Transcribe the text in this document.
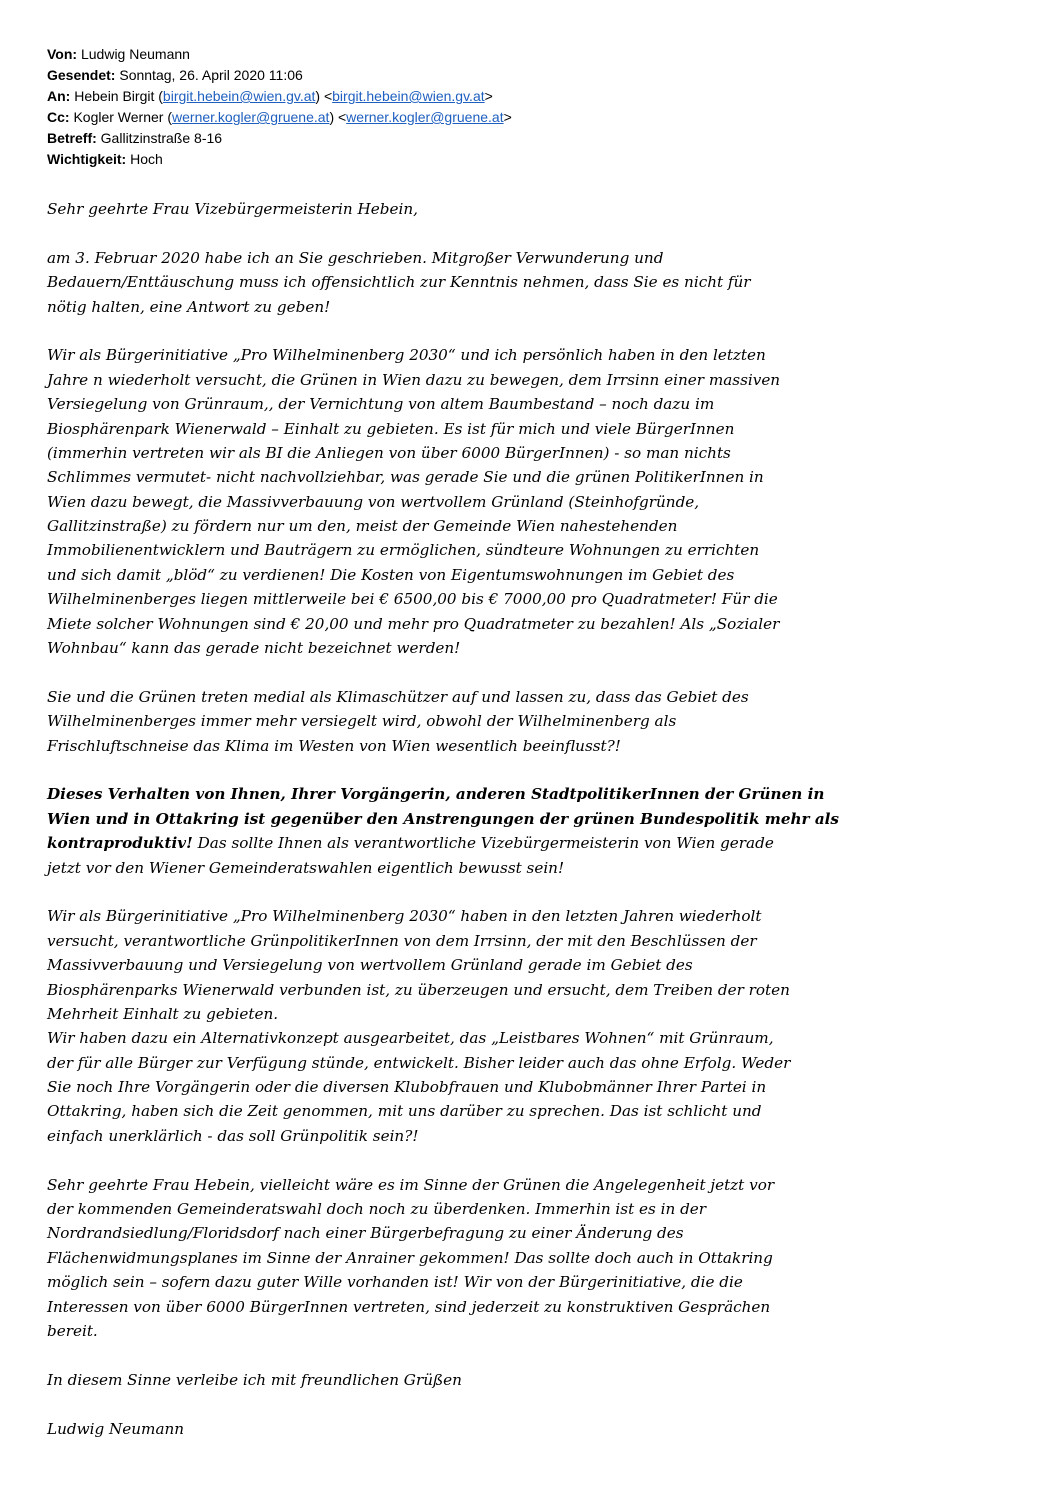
Von: Ludwig Neumann
Gesendet: Sonntag, 26. April 2020 11:06
An: Hebein Birgit (birgit.hebein@wien.gv.at) <birgit.hebein@wien.gv.at>
Cc: Kogler Werner (werner.kogler@gruene.at) <werner.kogler@gruene.at>
Betreff: Gallitzinstraße 8-16
Wichtigkeit: Hoch
Sehr geehrte Frau Vizebürgermeisterin Hebein,
am 3. Februar 2020 habe ich an Sie geschrieben. Mitgroßer Verwunderung und
Bedauern/Enttäuschung muss ich offensichtlich zur Kenntnis nehmen, dass Sie es nicht für
nötig halten, eine Antwort zu geben!
Wir als Bürgerinitiative „Pro Wilhelminenberg 2030“ und ich persönlich haben in den letzten
Jahre n wiederholt versucht, die Grünen in Wien dazu zu bewegen, dem Irrsinn einer massiven
Versiegelung von Grünraum,, der Vernichtung von altem Baumbestand – noch dazu im
Biosphärenpark Wienerwald – Einhalt zu gebieten. Es ist für mich und viele BürgerInnen
(immerhin vertreten wir als BI die Anliegen von über 6000 BürgerInnen) - so man nichts
Schlimmes vermutet- nicht nachvollziehbar, was gerade Sie und die grünen PolitikerInnen in
Wien dazu bewegt, die Massivverbauung von wertvollem Grünland (Steinhofgründe,
Gallitzinstraße) zu fördern nur um den, meist der Gemeinde Wien nahestehenden
Immobilienentwicklern und Bauträgern zu ermöglichen, sündteure Wohnungen zu errichten
und sich damit „blöd“ zu verdienen! Die Kosten von Eigentumswohnungen im Gebiet des
Wilhelminenberges liegen mittlerweile bei € 6500,00 bis € 7000,00 pro Quadratmeter! Für die
Miete solcher Wohnungen sind € 20,00 und mehr pro Quadratmeter zu bezahlen! Als „Sozialer
Wohnbau“ kann das gerade nicht bezeichnet werden!
Sie und die Grünen treten medial als Klimaschützer auf und lassen zu, dass das Gebiet des
Wilhelminenberges immer mehr versiegelt wird, obwohl der Wilhelminenberg als
Frischluftschneise das Klima im Westen von Wien wesentlich beeinflusst?!
Dieses Verhalten von Ihnen, Ihrer Vorgängerin, anderen StadtpolitikerInnen der Grünen in
Wien und in Ottakring ist gegenüber den Anstrengungen der grünen Bundespolitik mehr als
kontraproduktiv! Das sollte Ihnen als verantwortliche Vizebürgermeisterin von Wien gerade
jetzt vor den Wiener Gemeinderatswahlen eigentlich bewusst sein!
Wir als Bürgerinitiative „Pro Wilhelminenberg 2030“ haben in den letzten Jahren wiederholt
versucht, verantwortliche GrünpolitikerInnen von dem Irrsinn, der mit den Beschlüssen der
Massivverbauung und Versiegelung von wertvollem Grünland gerade im Gebiet des
Biosphärenparks Wienerwald verbunden ist, zu überzeugen und ersucht, dem Treiben der roten
Mehrheit Einhalt zu gebieten.
Wir haben dazu ein Alternativkonzept ausgearbeitet, das „Leistbares Wohnen“ mit Grünraum,
der für alle Bürger zur Verfügung stünde, entwickelt. Bisher leider auch das ohne Erfolg. Weder
Sie noch Ihre Vorgängerin oder die diversen Klubobfrauen und Klubobmänner Ihrer Partei in
Ottakring, haben sich die Zeit genommen, mit uns darüber zu sprechen. Das ist schlicht und
einfach unerklärlich - das soll Grünpolitik sein?!
Sehr geehrte Frau Hebein, vielleicht wäre es im Sinne der Grünen die Angelegenheit jetzt vor
der kommenden Gemeinderatswahl doch noch zu überdenken. Immerhin ist es in der
Nordrandsiedlung/Floridsdorf nach einer Bürgerbefragung zu einer Änderung des
Flächenwidmungsplanes im Sinne der Anrainer gekommen! Das sollte doch auch in Ottakring
möglich sein – sofern dazu guter Wille vorhanden ist! Wir von der Bürgerinitiative, die die
Interessen von über 6000 BürgerInnen vertreten, sind jederzeit zu konstruktiven Gesprächen
bereit.
In diesem Sinne verleibe ich mit freundlichen Grüßen
Ludwig Neumann
